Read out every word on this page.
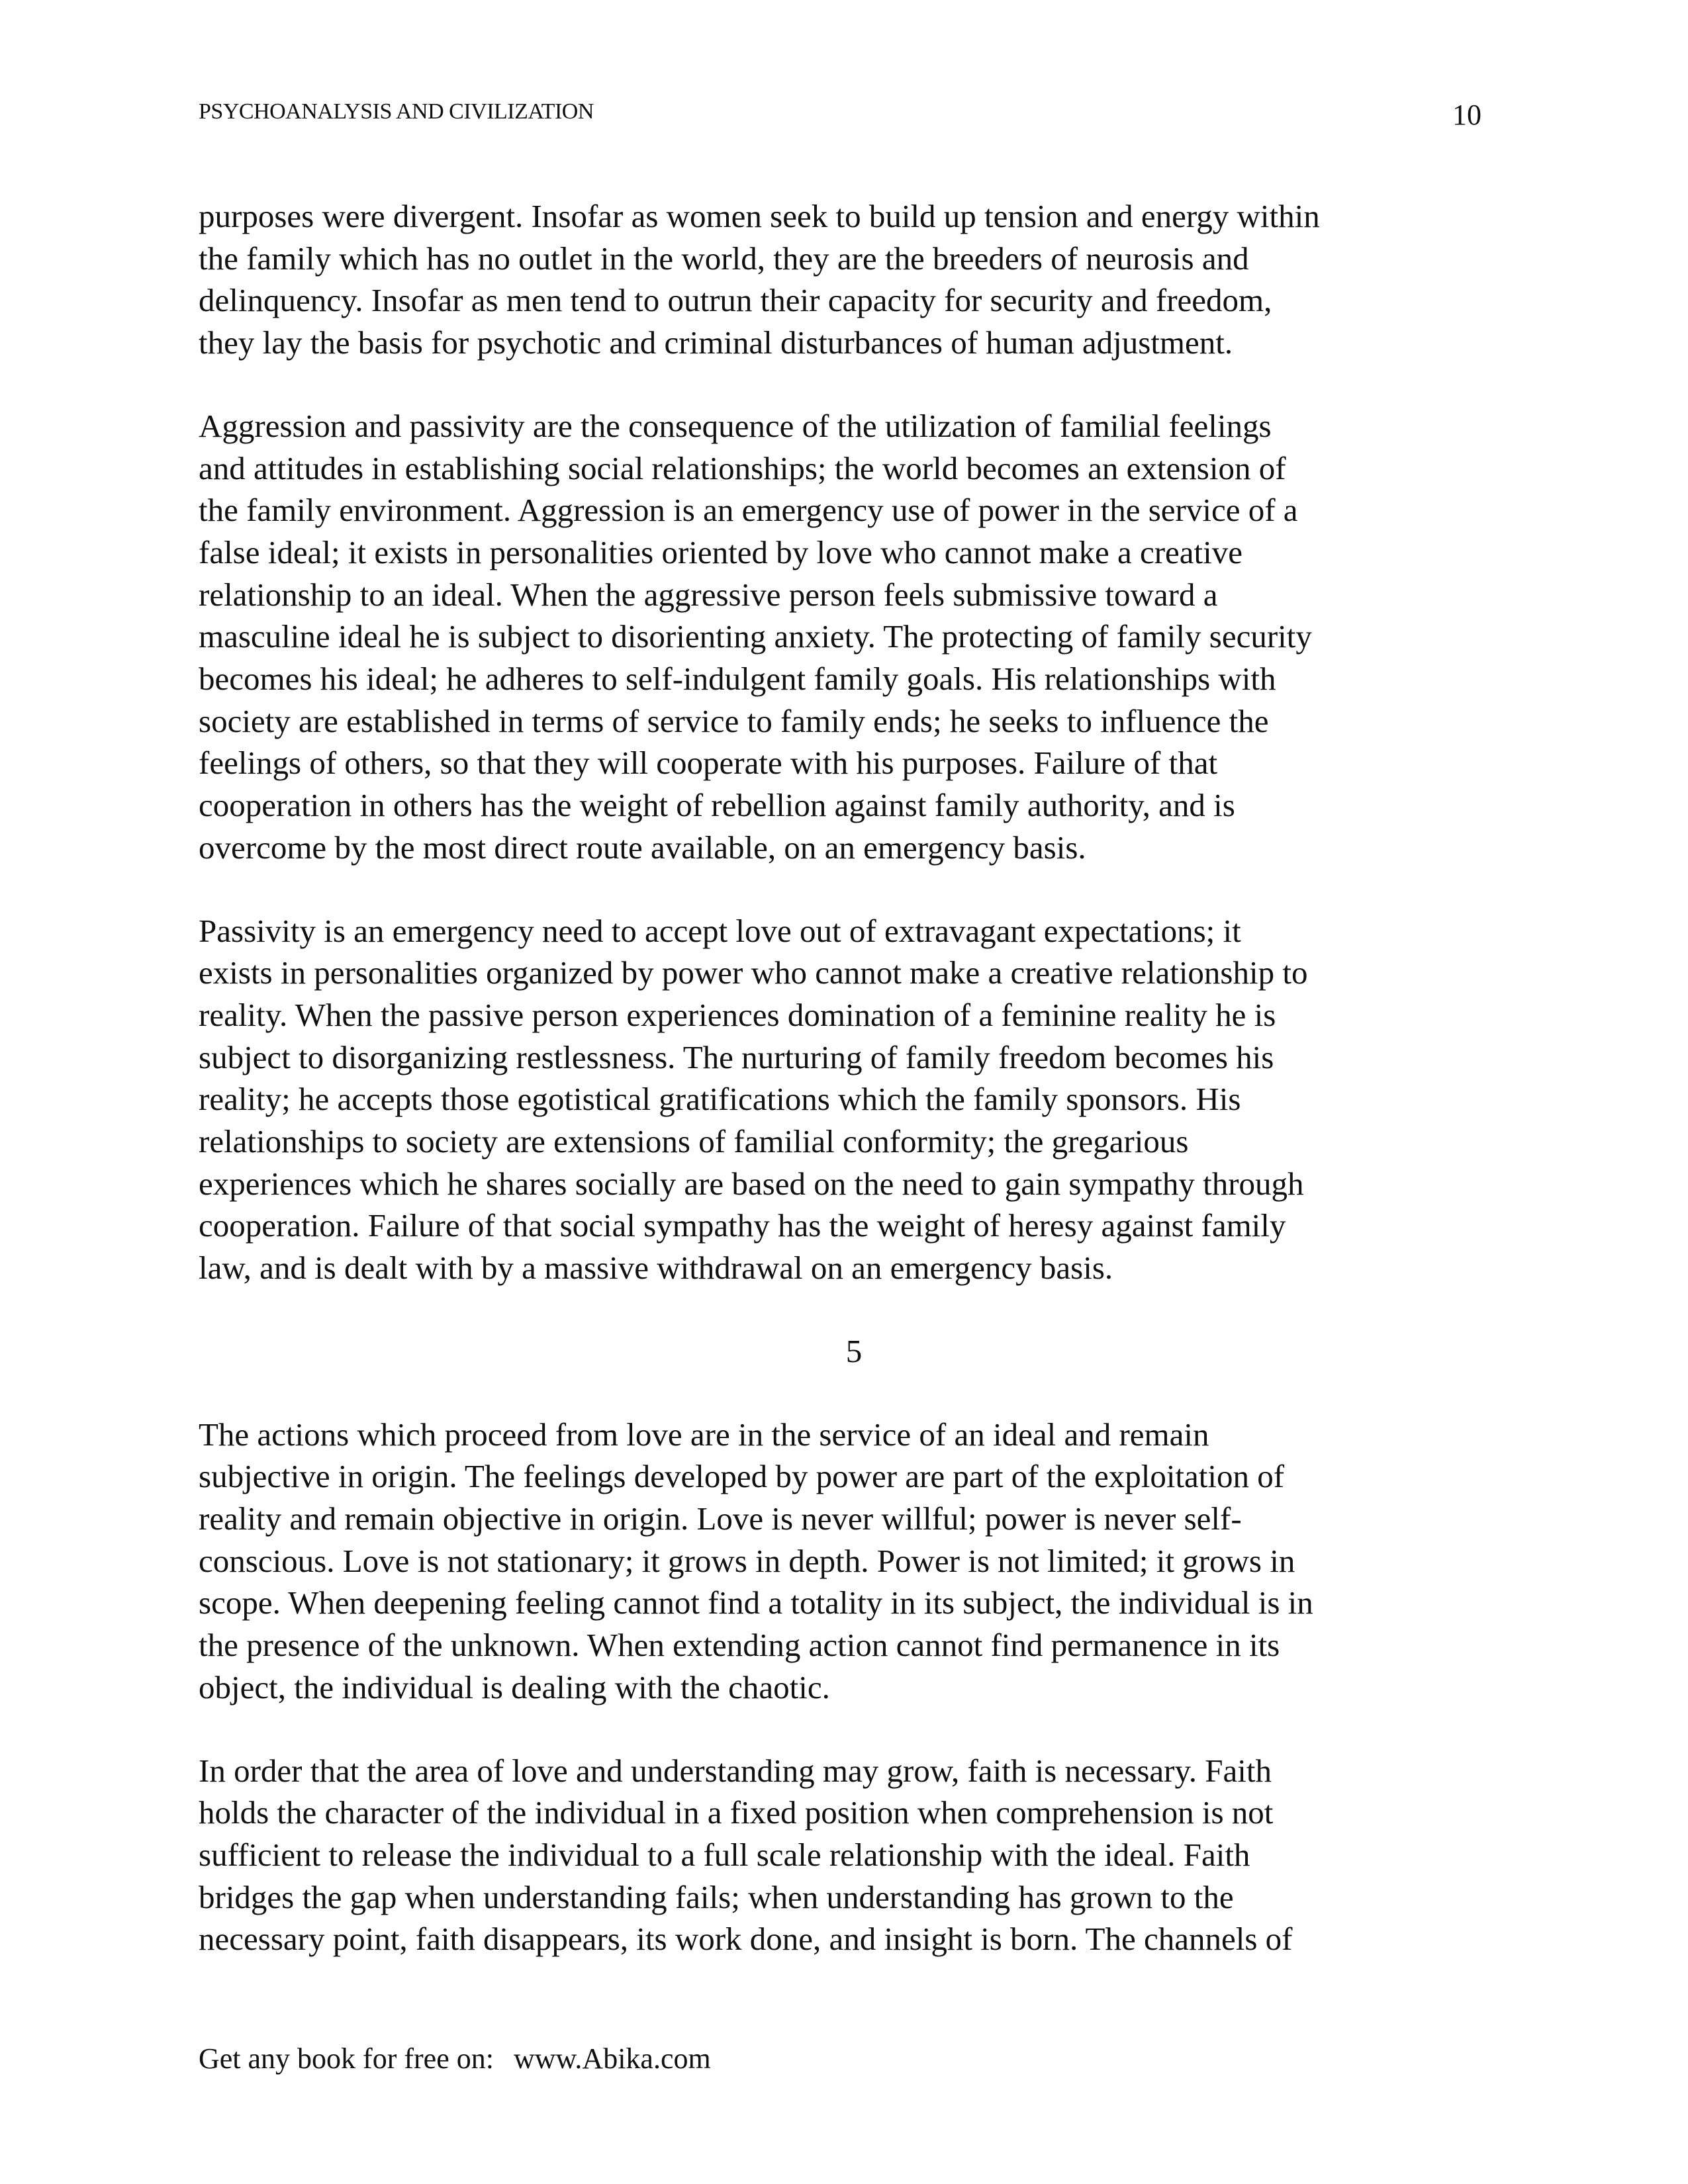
PSYCHOANALYSIS AND CIVILIZATION	10

purposes were divergent. Insofar as women seek to build up tension and energy within
the family which has no outlet in the world, they are the breeders of neurosis and
delinquency. Insofar as men tend to outrun their capacity for security and freedom,
they lay the basis for psychotic and criminal disturbances of human adjustment.

Aggression and passivity are the consequence of the utilization of familial feelings
and attitudes in establishing social relationships; the world becomes an extension of
the family environment. Aggression is an emergency use of power in the service of a
false ideal; it exists in personalities oriented by love who cannot make a creative
relationship to an ideal. When the aggressive person feels submissive toward a
masculine ideal he is subject to disorienting anxiety. The protecting of family security
becomes his ideal; he adheres to self-indulgent family goals. His relationships with
society are established in terms of service to family ends; he seeks to influence the
feelings of others, so that they will cooperate with his purposes. Failure of that
cooperation in others has the weight of rebellion against family authority, and is
overcome by the most direct route available, on an emergency basis.

Passivity is an emergency need to accept love out of extravagant expectations; it
exists in personalities organized by power who cannot make a creative relationship to
reality. When the passive person experiences domination of a feminine reality he is
subject to disorganizing restlessness. The nurturing of family freedom becomes his
reality; he accepts those egotistical gratifications which the family sponsors. His
relationships to society are extensions of familial conformity; the gregarious
experiences which he shares socially are based on the need to gain sympathy through
cooperation. Failure of that social sympathy has the weight of heresy against family
law, and is dealt with by a massive withdrawal on an emergency basis.

5

The actions which proceed from love are in the service of an ideal and remain
subjective in origin. The feelings developed by power are part of the exploitation of
reality and remain objective in origin. Love is never willful; power is never self-
conscious. Love is not stationary; it grows in depth. Power is not limited; it grows in
scope. When deepening feeling cannot find a totality in its subject, the individual is in
the presence of the unknown. When extending action cannot find permanence in its
object, the individual is dealing with the chaotic.

In order that the area of love and understanding may grow, faith is necessary. Faith
holds the character of the individual in a fixed position when comprehension is not
sufficient to release the individual to a full scale relationship with the ideal. Faith
bridges the gap when understanding fails; when understanding has grown to the
necessary point, faith disappears, its work done, and insight is born. The channels of

Get any book for free on: www.Abika.com
